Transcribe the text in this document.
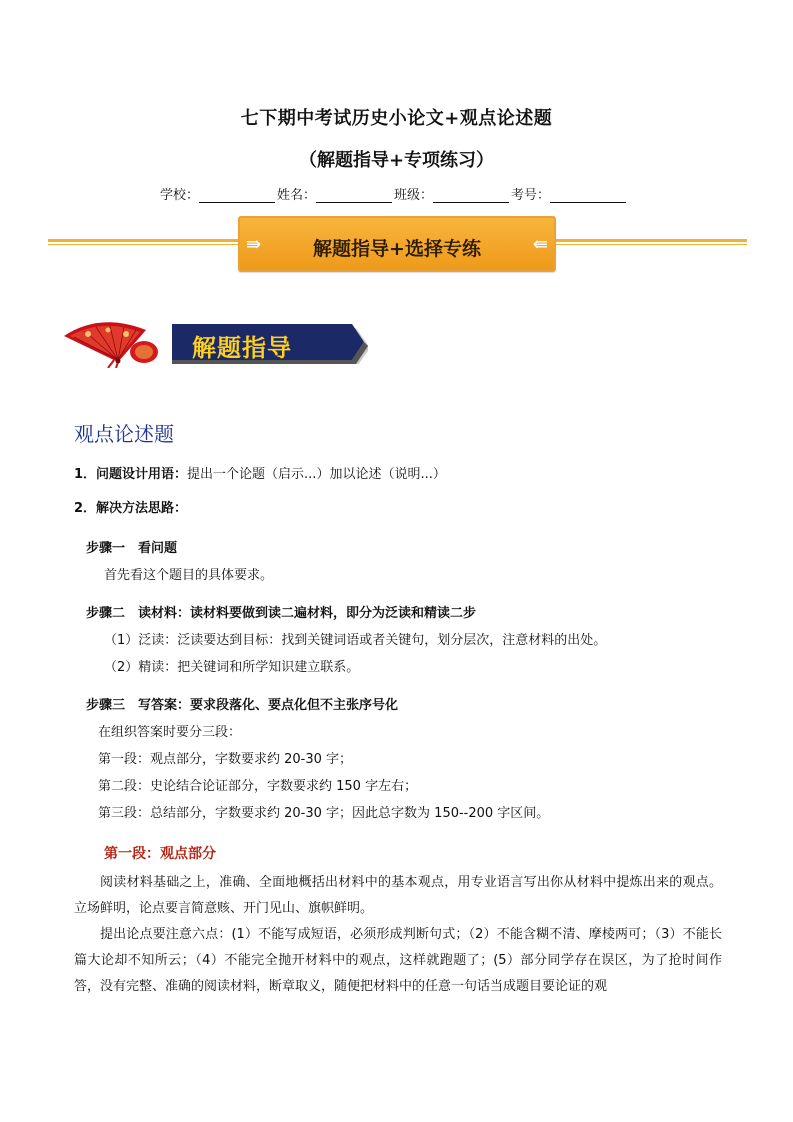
七下期中考试历史小论文+观点论述题
（解题指导+专项练习）
学校：	姓名：	班级：	考号：
⇛	解题指导+选择专练	⇚
解题指导
观点论述题
1．问题设计用语：提出一个论题（启示...）加以论述（说明...）
2．解决方法思路：
步骤一　看问题
首先看这个题目的具体要求。
步骤二　读材料：读材料要做到读二遍材料，即分为泛读和精读二步
（1）泛读：泛读要达到目标：找到关键词语或者关键句，划分层次，注意材料的出处。
（2）精读：把关键词和所学知识建立联系。
步骤三　写答案：要求段落化、要点化但不主张序号化
在组织答案时要分三段：
第一段：观点部分，字数要求约 20-30 字；
第二段：史论结合论证部分，字数要求约 150 字左右；
第三段：总结部分，字数要求约 20-30 字；因此总字数为 150--200 字区间。
第一段：观点部分
阅读材料基础之上，准确、全面地概括出材料中的基本观点，用专业语言写出你从材料中提炼出来的观点。立场鲜明，论点要言简意赅、开门见山、旗帜鲜明。
提出论点要注意六点：(1）不能写成短语，必须形成判断句式；（2）不能含糊不清、摩棱两可；（3）不能长篇大论却不知所云；（4）不能完全抛开材料中的观点，这样就跑题了；(5）部分同学存在误区，为了抢时间作答，没有完整、准确的阅读材料，断章取义，随便把材料中的任意一句话当成题目要论证的观
